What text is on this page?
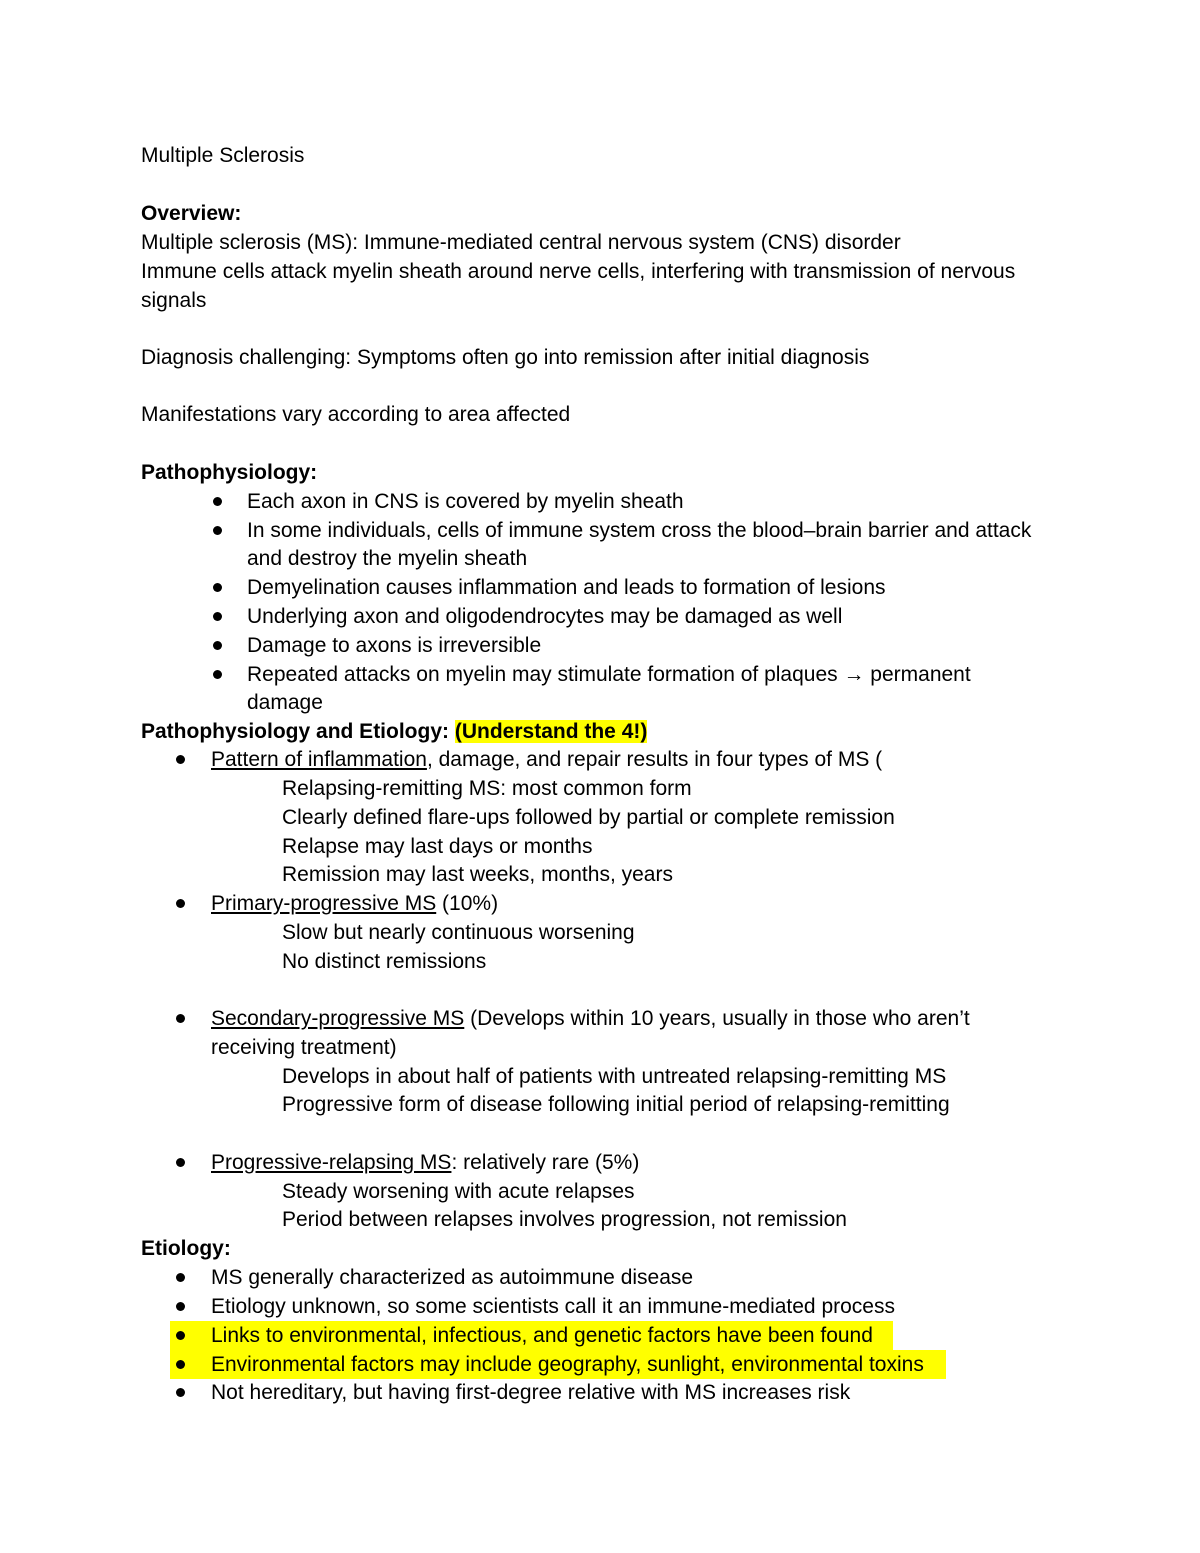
Multiple Sclerosis
Overview:
Multiple sclerosis (MS): Immune-mediated central nervous system (CNS) disorder
Immune cells attack myelin sheath around nerve cells, interfering with transmission of nervous
signals
Diagnosis challenging: Symptoms often go into remission after initial diagnosis
Manifestations vary according to area affected
Pathophysiology:
Each axon in CNS is covered by myelin sheath
In some individuals, cells of immune system cross the blood–brain barrier and attack
and destroy the myelin sheath
Demyelination causes inflammation and leads to formation of lesions
Underlying axon and oligodendrocytes may be damaged as well
Damage to axons is irreversible
Repeated attacks on myelin may stimulate formation of plaques → permanent
damage
Pathophysiology and Etiology: (Understand the 4!)
Pattern of inflammation, damage, and repair results in four types of MS (
Relapsing-remitting MS: most common form
Clearly defined flare-ups followed by partial or complete remission
Relapse may last days or months
Remission may last weeks, months, years
Primary-progressive MS (10%)
Slow but nearly continuous worsening
No distinct remissions
Secondary-progressive MS (Develops within 10 years, usually in those who aren’t
receiving treatment)
Develops in about half of patients with untreated relapsing-remitting MS
Progressive form of disease following initial period of relapsing-remitting
Progressive-relapsing MS: relatively rare (5%)
Steady worsening with acute relapses
Period between relapses involves progression, not remission
Etiology:
MS generally characterized as autoimmune disease
Etiology unknown, so some scientists call it an immune-mediated process
Links to environmental, infectious, and genetic factors have been found
Environmental factors may include geography, sunlight, environmental toxins
Not hereditary, but having first-degree relative with MS increases risk
